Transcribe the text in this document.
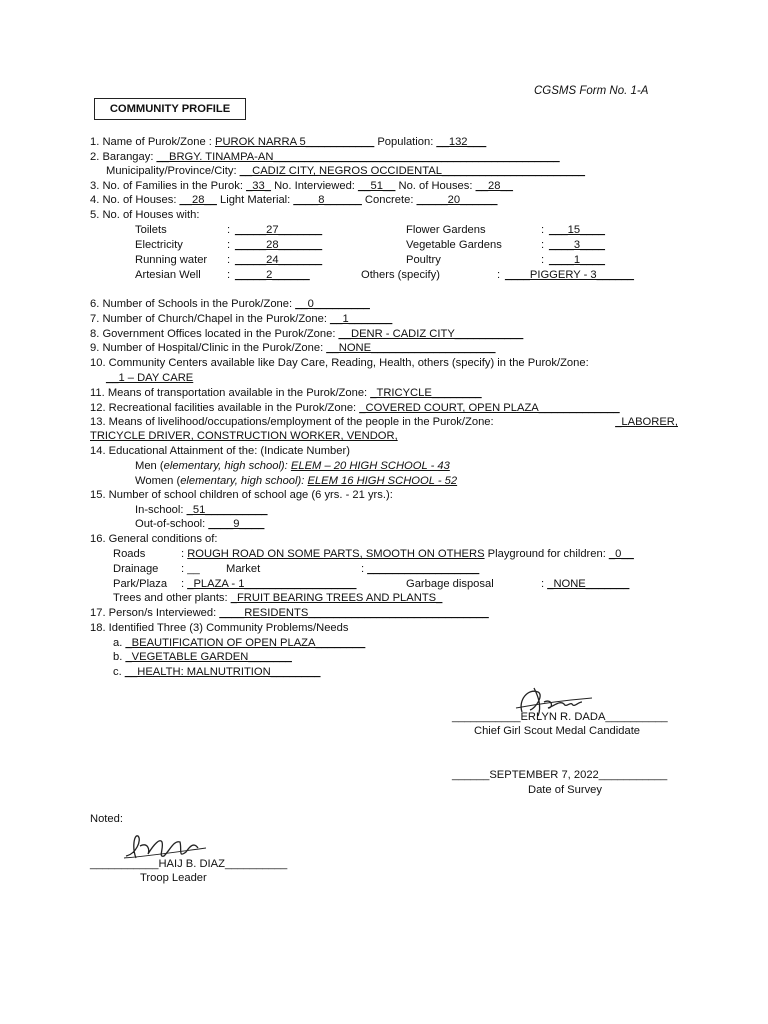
CGSMS Form No. 1-A
COMMUNITY PROFILE
1. Name of Purok/Zone : PUROK NARRA 5___________ Population: __132___
2. Barangay: __BRGY. TINAMPA-AN______________________________________________
Municipality/Province/City: __CADIZ CITY, NEGROS OCCIDENTAL_______________________
3. No. of Families in the Purok: _33_ No. Interviewed: __51__ No. of Houses: __28__
4. No. of Houses: __28__ Light Material: ____8______ Concrete: _____20______
5. No. of Houses with:
Toilets	: _____27_______	Flower Gardens	: ___15____
Electricity	: _____28_______	Vegetable Gardens	: ____3____
Running water : _____24_______	Poultry	: ____1____
Artesian Well : _____2______	Others (specify)	: ____PIGGERY - 3______
6. Number of Schools in the Purok/Zone: __0_________
7. Number of Church/Chapel in the Purok/Zone: __1_______
8. Government Offices located in the Purok/Zone: __DENR - CADIZ CITY___________
9. Number of Hospital/Clinic in the Purok/Zone: __NONE____________________
10. Community Centers available like Day Care, Reading, Health, others (specify) in the Purok/Zone:
__1 – DAY CARE
11. Means of transportation available in the Purok/Zone: _TRICYCLE________
12. Recreational facilities available in the Purok/Zone: _COVERED COURT, OPEN PLAZA_____________
13. Means of livelihood/occupations/employment of the people in the Purok/Zone:	_LABORER,
TRICYCLE DRIVER, CONSTRUCTION WORKER, VENDOR,
14. Educational Attainment of the: (Indicate Number)
Men (elementary, high school): ELEM – 20 HIGH SCHOOL - 43
Women (elementary, high school): ELEM 16 HIGH SCHOOL - 52
15. Number of school children of school age (6 yrs. - 21 yrs.):
In-school: _51__________
Out-of-school: ____9____
16. General conditions of:
Roads	: ROUGH ROAD ON SOME PARTS, SMOOTH ON OTHERS Playground for children: _0__
Drainage : __ Market	: __________________
Park/Plaza : _PLAZA - 1__________________	Garbage disposal	: _NONE_______
Trees and other plants: _FRUIT BEARING TREES AND PLANTS_
17. Person/s Interviewed: ____RESIDENTS_____________________________
18. Identified Three (3) Community Problems/Needs
a. _BEAUTIFICATION OF OPEN PLAZA________
b. _VEGETABLE GARDEN_______
c. __HEALTH: MALNUTRITION________
___________ERLYN R. DADA__________
Chief Girl Scout Medal Candidate
______SEPTEMBER 7, 2022___________
Date of Survey
Noted:
___________HAIJ B. DIAZ__________
Troop Leader
